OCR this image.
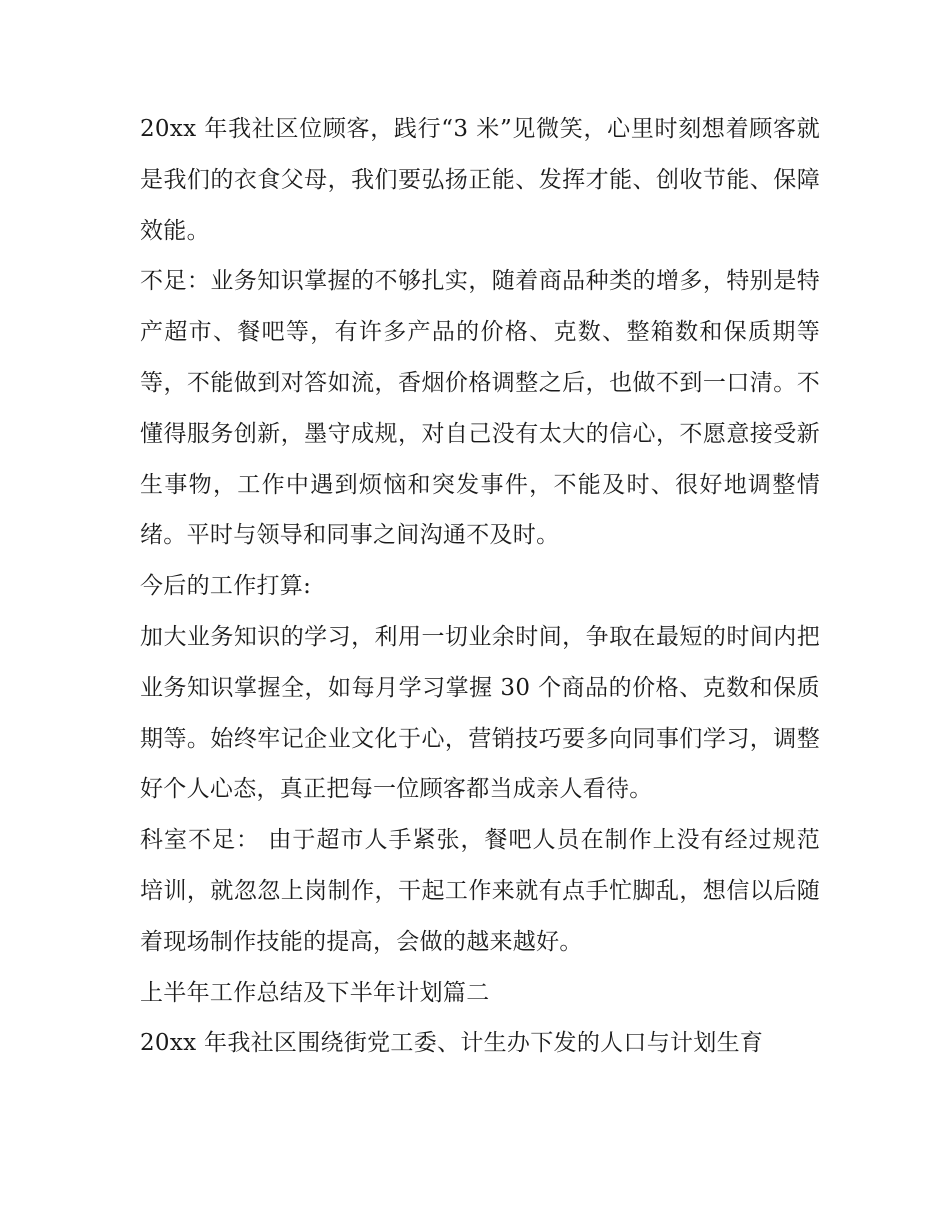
20xx 年我社区位顾客，践行“3 米”见微笑，心里时刻想着顾客就是我们的衣食父母，我们要弘扬正能、发挥才能、创收节能、保障效能。

不足：业务知识掌握的不够扎实，随着商品种类的增多，特别是特产超市、餐吧等，有许多产品的价格、克数、整箱数和保质期等等，不能做到对答如流，香烟价格调整之后，也做不到一口清。不懂得服务创新，墨守成规，对自己没有太大的信心，不愿意接受新生事物，工作中遇到烦恼和突发事件，不能及时、很好地调整情绪。平时与领导和同事之间沟通不及时。

今后的工作打算:

加大业务知识的学习，利用一切业余时间，争取在最短的时间内把业务知识掌握全，如每月学习掌握 30 个商品的价格、克数和保质期等。始终牢记企业文化于心，营销技巧要多向同事们学习，调整好个人心态，真正把每一位顾客都当成亲人看待。

科室不足： 由于超市人手紧张，餐吧人员在制作上没有经过规范培训，就忽忽上岗制作，干起工作来就有点手忙脚乱，想信以后随着现场制作技能的提高，会做的越来越好。

上半年工作总结及下半年计划篇二

20xx 年我社区围绕街党工委、计生办下发的人口与计划生育
